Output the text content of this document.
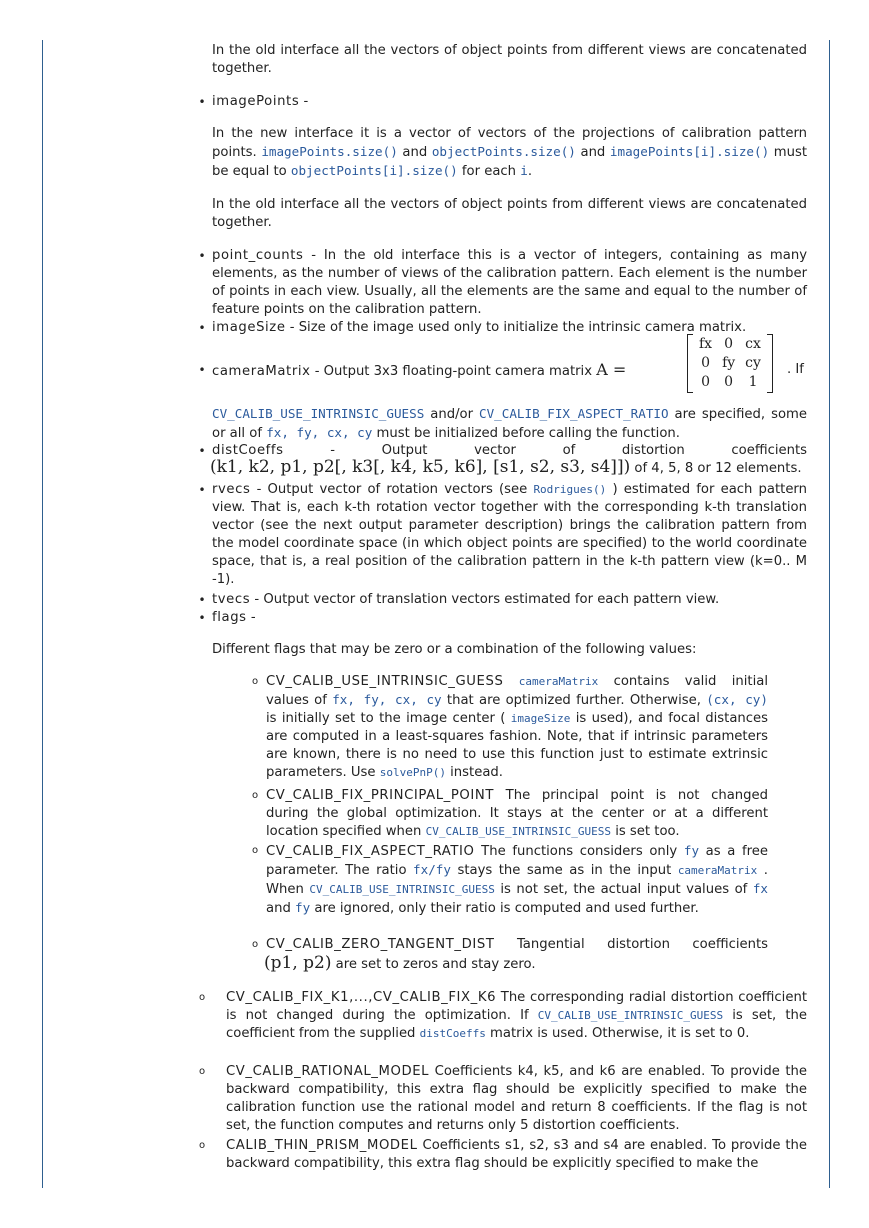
In the old interface all the vectors of object points from different views are concatenated together.

• imagePoints -

In the new interface it is a vector of vectors of the projections of calibration pattern points. imagePoints.size() and objectPoints.size() and imagePoints[i].size() must be equal to objectPoints[i].size() for each i.

In the old interface all the vectors of object points from different views are concatenated together.

• point_counts - In the old interface this is a vector of integers, containing as many elements, as the number of views of the calibration pattern. Each element is the number of points in each view. Usually, all the elements are the same and equal to the number of feature points on the calibration pattern.

• imageSize - Size of the image used only to initialize the intrinsic camera matrix.

• cameraMatrix - Output 3x3 floating-point camera matrix A =

fx	0	cx
0	fy	cy
0	0	1
. If

CV_CALIB_USE_INTRINSIC_GUESS and/or CV_CALIB_FIX_ASPECT_RATIO are specified, some or all of fx, fy, cx, cy must be initialized before calling the function.

• distCoeffs - Output vector of distortion coefficients

(k1, k2, p1, p2[, k3[, k4, k5, k6], [s1, s2, s3, s4]]) of 4, 5, 8 or 12 elements.

• rvecs - Output vector of rotation vectors (see Rodrigues() ) estimated for each pattern view. That is, each k-th rotation vector together with the corresponding k-th translation vector (see the next output parameter description) brings the calibration pattern from the model coordinate space (in which object points are specified) to the world coordinate space, that is, a real position of the calibration pattern in the k-th pattern view (k=0.. M -1).

• tvecs - Output vector of translation vectors estimated for each pattern view.

• flags -

Different flags that may be zero or a combination of the following values:

o CV_CALIB_USE_INTRINSIC_GUESS cameraMatrix contains valid initial values of fx, fy, cx, cy that are optimized further. Otherwise, (cx, cy) is initially set to the image center ( imageSize is used), and focal distances are computed in a least-squares fashion. Note, that if intrinsic parameters are known, there is no need to use this function just to estimate extrinsic parameters. Use solvePnP() instead.

o CV_CALIB_FIX_PRINCIPAL_POINT The principal point is not changed during the global optimization. It stays at the center or at a different location specified when CV_CALIB_USE_INTRINSIC_GUESS is set too.

o CV_CALIB_FIX_ASPECT_RATIO The functions considers only fy as a free parameter. The ratio fx/fy stays the same as in the input cameraMatrix . When CV_CALIB_USE_INTRINSIC_GUESS is not set, the actual input values of fx and fy are ignored, only their ratio is computed and used further.

o CV_CALIB_ZERO_TANGENT_DIST Tangential distortion coefficients

(p1, p2) are set to zeros and stay zero.

o CV_CALIB_FIX_K1,...,CV_CALIB_FIX_K6 The corresponding radial distortion coefficient is not changed during the optimization. If CV_CALIB_USE_INTRINSIC_GUESS is set, the coefficient from the supplied distCoeffs matrix is used. Otherwise, it is set to 0.

o CV_CALIB_RATIONAL_MODEL Coefficients k4, k5, and k6 are enabled. To provide the backward compatibility, this extra flag should be explicitly specified to make the calibration function use the rational model and return 8 coefficients. If the flag is not set, the function computes and returns only 5 distortion coefficients.

o CALIB_THIN_PRISM_MODEL Coefficients s1, s2, s3 and s4 are enabled. To provide the backward compatibility, this extra flag should be explicitly specified to make the
